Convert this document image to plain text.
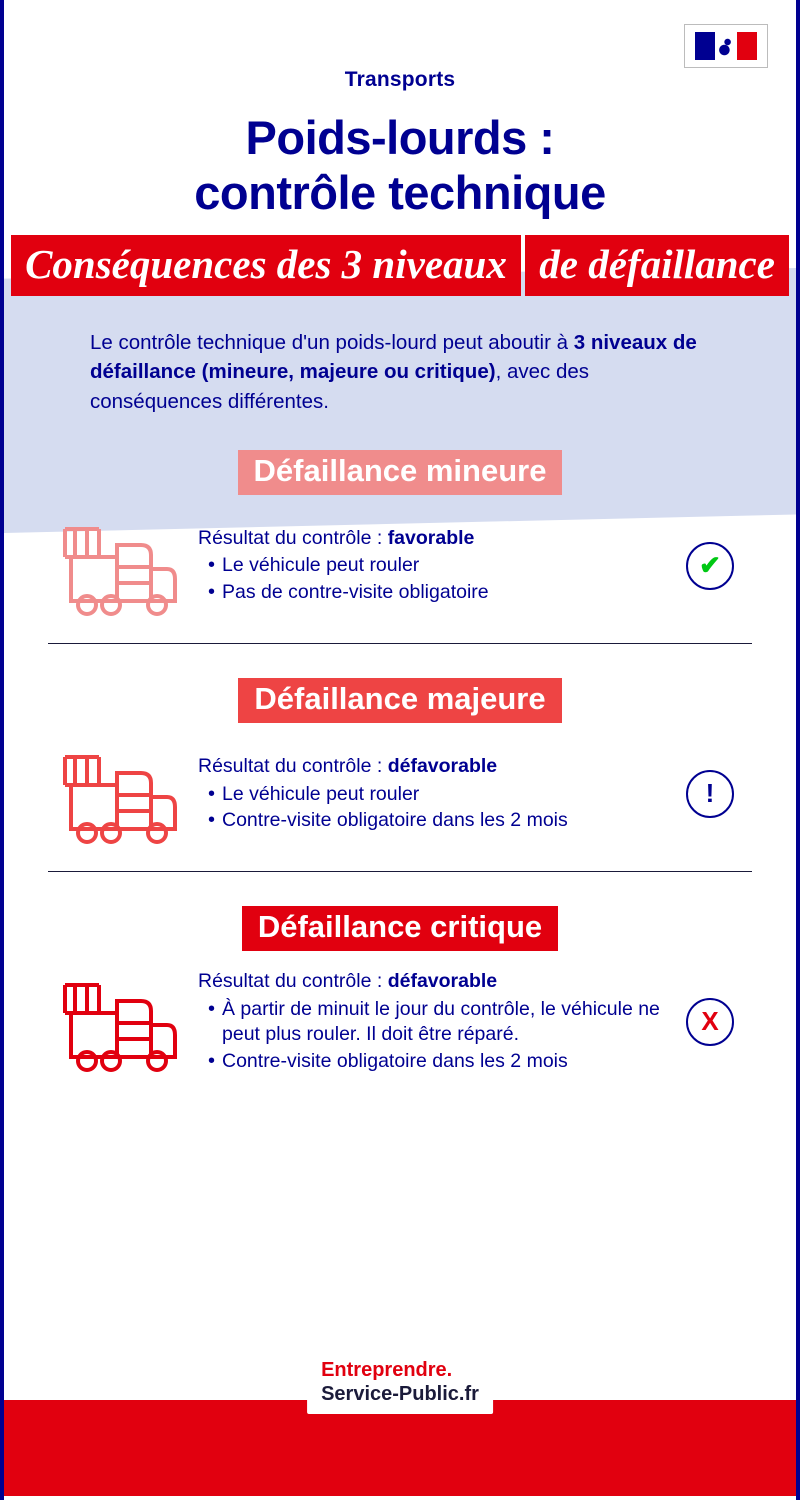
Transports
Poids-lourds :
contrôle technique
Conséquences des 3 niveaux de défaillance
Le contrôle technique d'un poids-lourd peut aboutir à 3 niveaux de défaillance (mineure, majeure ou critique), avec des conséquences différentes.
Défaillance mineure
Résultat du contrôle : favorable
• Le véhicule peut rouler
• Pas de contre-visite obligatoire
✔
Défaillance majeure
Résultat du contrôle : défavorable
• Le véhicule peut rouler
• Contre-visite obligatoire dans les 2 mois
!
Défaillance critique
Résultat du contrôle : défavorable
• À partir de minuit le jour du contrôle, le véhicule ne peut plus rouler. Il doit être réparé.
• Contre-visite obligatoire dans les 2 mois
X
Entreprendre.
Service-Public.fr
